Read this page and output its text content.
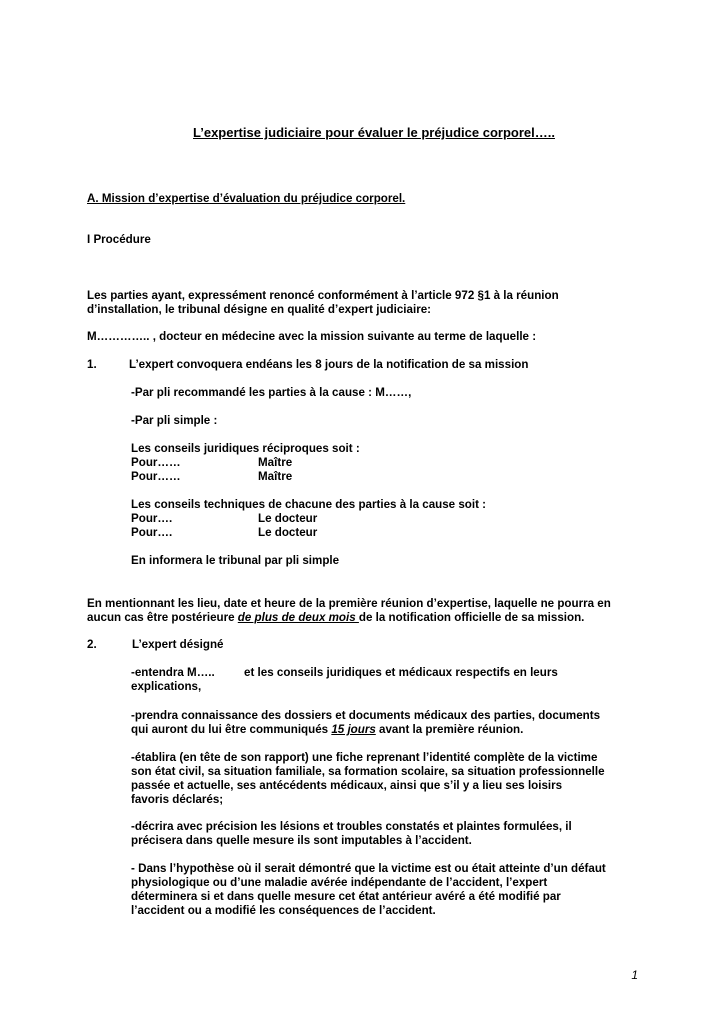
L’expertise judiciaire pour évaluer le préjudice corporel…..
A. Mission d’expertise d’évaluation du préjudice corporel.
I Procédure
Les parties ayant, expressément renoncé conformément à l’article 972 §1 à la réunion
d’installation, le tribunal désigne en qualité d’expert judiciaire:
M………….. , docteur en médecine avec la mission suivante au terme de laquelle :
1.	L’expert convoquera endéans les 8 jours de la notification de sa mission
-Par pli recommandé les parties à la cause : M……,
-Par pli simple :
Les conseils juridiques réciproques soit :
Pour……	Maître
Pour……	Maître
Les conseils techniques de chacune des parties à la cause soit :
Pour….	Le docteur
Pour….	Le docteur
En informera le tribunal par pli simple
En mentionnant les lieu, date et heure de la première réunion d’expertise, laquelle ne pourra en
aucun cas être postérieure de plus de deux mois de la notification officielle de sa mission.
2.	L’expert désigné
-entendra M…..	et les conseils juridiques et médicaux respectifs en leurs
explications,
-prendra connaissance des dossiers et documents médicaux des parties, documents
qui auront du lui être communiqués 15 jours avant la première réunion.
-établira (en tête de son rapport) une fiche reprenant l’identité complète de la victime
son état civil, sa situation familiale, sa formation scolaire, sa situation professionnelle
passée et actuelle, ses antécédents médicaux, ainsi que s’il y a lieu ses loisirs
favoris déclarés;
-décrira avec précision les lésions et troubles constatés et plaintes formulées, il
précisera dans quelle mesure ils sont imputables à l’accident.
- Dans l’hypothèse où il serait démontré que la victime est ou était atteinte d’un défaut
physiologique ou d’une maladie avérée indépendante de l’accident, l’expert
déterminera si et dans quelle mesure cet état antérieur avéré a été modifié par
l’accident ou a modifié les conséquences de l’accident.
1
